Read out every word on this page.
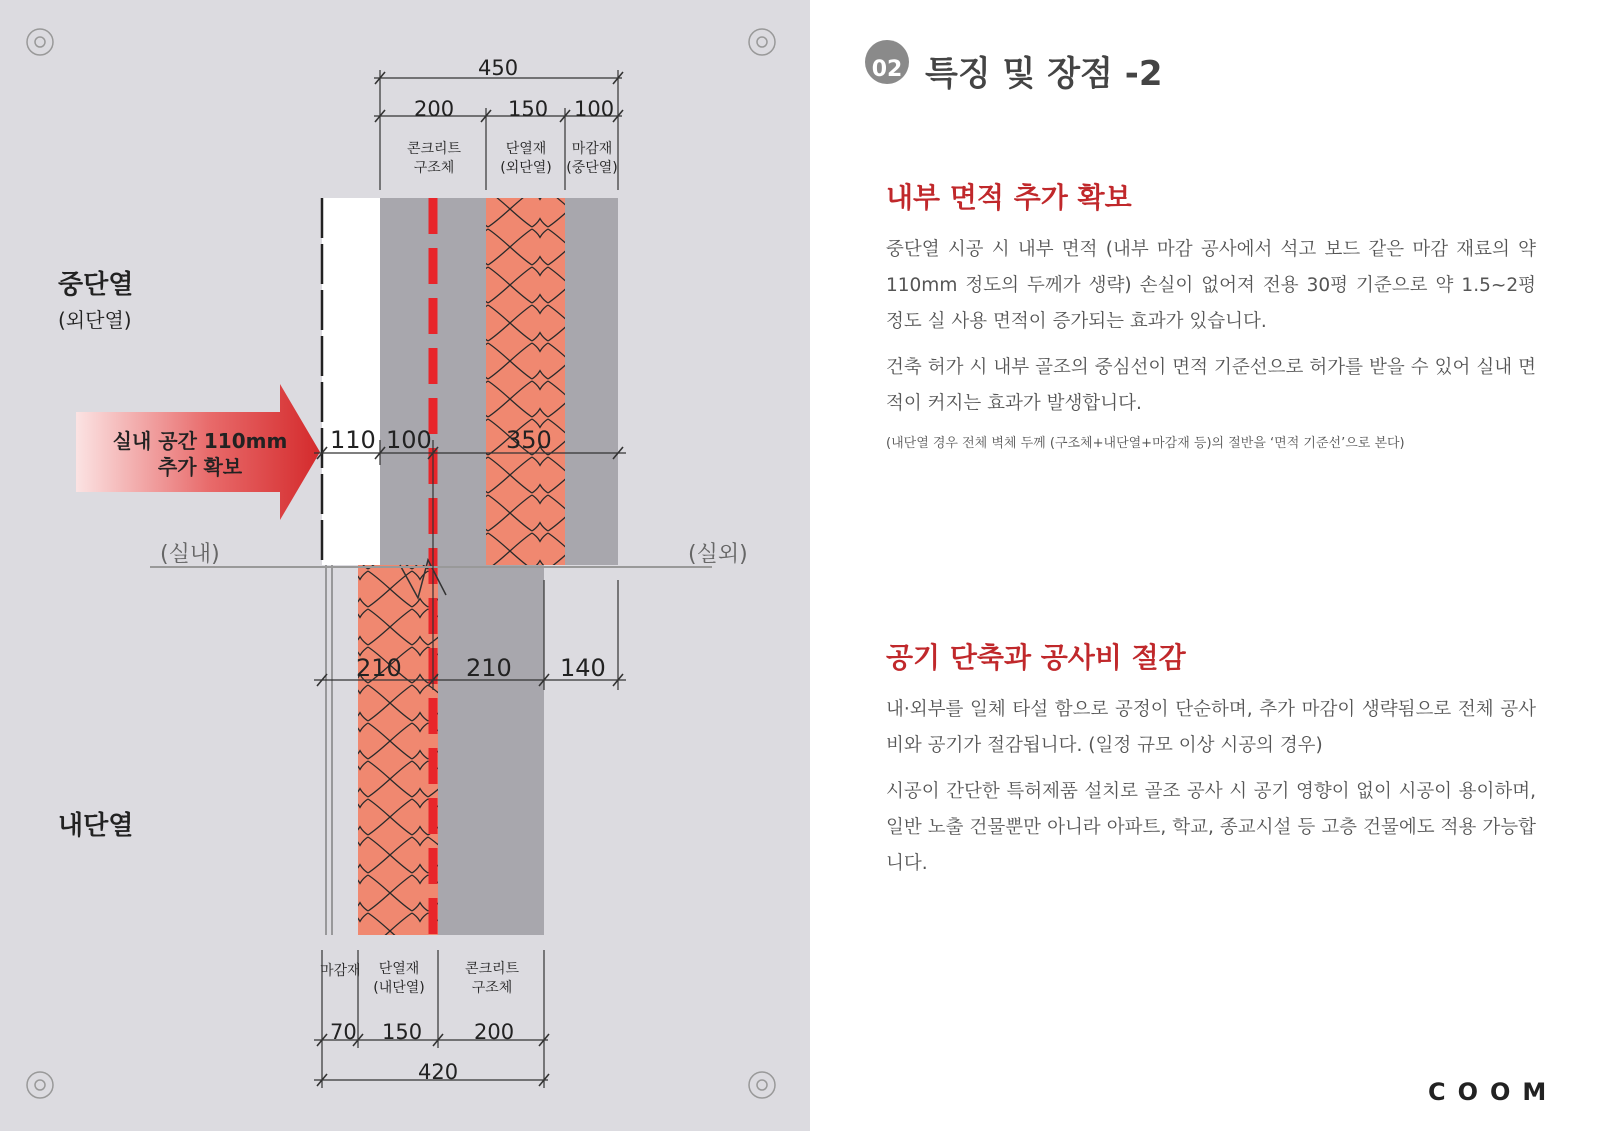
중단열
(외단열)
내단열
(실내)	(실외)
실내 공간 110mm
추가 확보
450
200	150 100
콘크리트
구조체
단열재
(외단열)
마감재
(중단열)
110 100	350
210	210 140
마감재	단열재
(내단열)
콘크리트
구조체
70 150 200
420
02 특징 및 장점 -2
내부 면적 추가 확보
중단열 시공 시 내부 면적 (내부 마감 공사에서 석고 보드 같은 마감 재료의 약 110mm 정도의 두께가 생략) 손실이 없어져 전용 30평 기준으로 약 1.5~2평 정도 실 사용 면적이 증가되는 효과가 있습니다.
건축 허가 시 내부 골조의 중심선이 면적 기준선으로 허가를 받을 수 있어 실내 면적이 커지는 효과가 발생합니다.
(내단열 경우 전체 벽체 두께 (구조체+내단열+마감재 등)의 절반을 ‘면적 기준선’으로 본다)
공기 단축과 공사비 절감
내·외부를 일체 타설 함으로 공정이 단순하며, 추가 마감이 생략됨으로 전체 공사비와 공기가 절감됩니다. (일정 규모 이상 시공의 경우)
시공이 간단한 특허제품 설치로 골조 공사 시 공기 영향이 없이 시공이 용이하며, 일반 노출 건물뿐만 아니라 아파트, 학교, 종교시설 등 고층 건물에도 적용 가능합니다.
COOM
